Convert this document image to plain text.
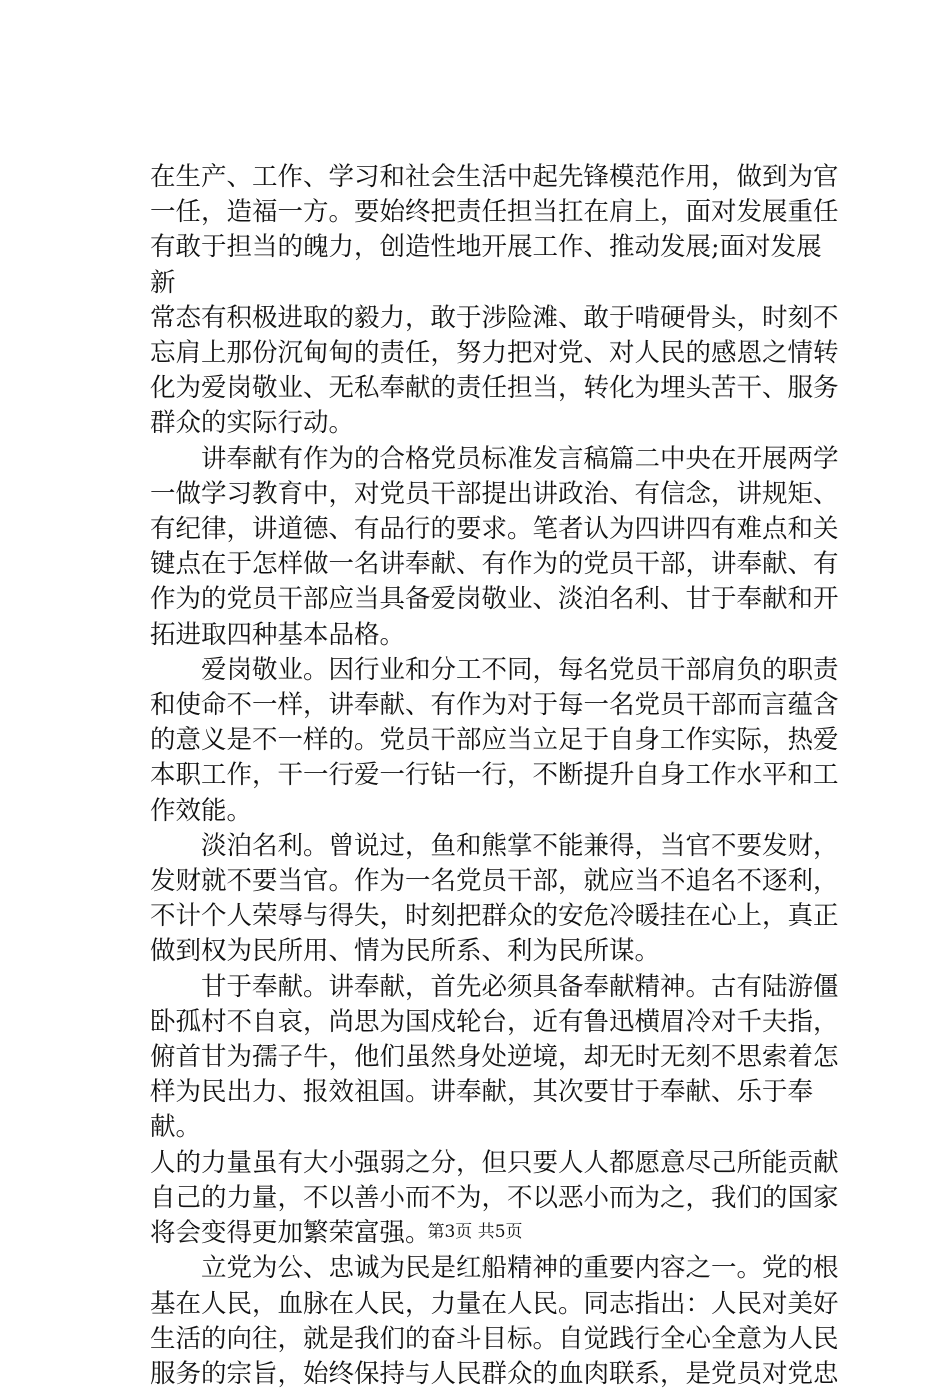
在生产、工作、学习和社会生活中起先锋模范作用，做到为官
一任，造福一方。要始终把责任担当扛在肩上，面对发展重任
有敢于担当的魄力，创造性地开展工作、推动发展;面对发展新
常态有积极进取的毅力，敢于涉险滩、敢于啃硬骨头，时刻不
忘肩上那份沉甸甸的责任，努力把对党、对人民的感恩之情转
化为爱岗敬业、无私奉献的责任担当，转化为埋头苦干、服务
群众的实际行动。

　　讲奉献有作为的合格党员标准发言稿篇二中央在开展两学
一做学习教育中，对党员干部提出讲政治、有信念，讲规矩、
有纪律，讲道德、有品行的要求。笔者认为四讲四有难点和关
键点在于怎样做一名讲奉献、有作为的党员干部，讲奉献、有
作为的党员干部应当具备爱岗敬业、淡泊名利、甘于奉献和开
拓进取四种基本品格。

　　爱岗敬业。因行业和分工不同，每名党员干部肩负的职责
和使命不一样，讲奉献、有作为对于每一名党员干部而言蕴含
的意义是不一样的。党员干部应当立足于自身工作实际，热爱
本职工作，干一行爱一行钻一行，不断提升自身工作水平和工
作效能。

　　淡泊名利。曾说过，鱼和熊掌不能兼得，当官不要发财，
发财就不要当官。作为一名党员干部，就应当不追名不逐利，
不计个人荣辱与得失，时刻把群众的安危冷暖挂在心上，真正
做到权为民所用、情为民所系、利为民所谋。

　　甘于奉献。讲奉献，首先必须具备奉献精神。古有陆游僵
卧孤村不自哀，尚思为国戍轮台，近有鲁迅横眉冷对千夫指，
俯首甘为孺子牛，他们虽然身处逆境，却无时无刻不思索着怎
样为民出力、报效祖国。讲奉献，其次要甘于奉献、乐于奉献。
人的力量虽有大小强弱之分，但只要人人都愿意尽己所能贡献
自己的力量，不以善小而不为，不以恶小而为之，我们的国家
将会变得更加繁荣富强。

　　立党为公、忠诚为民是红船精神的重要内容之一。党的根
基在人民，血脉在人民，力量在人民。同志指出：人民对美好
生活的向往，就是我们的奋斗目标。自觉践行全心全意为人民
服务的宗旨，始终保持与人民群众的血肉联系，是党员对党忠

第3页 共5页
